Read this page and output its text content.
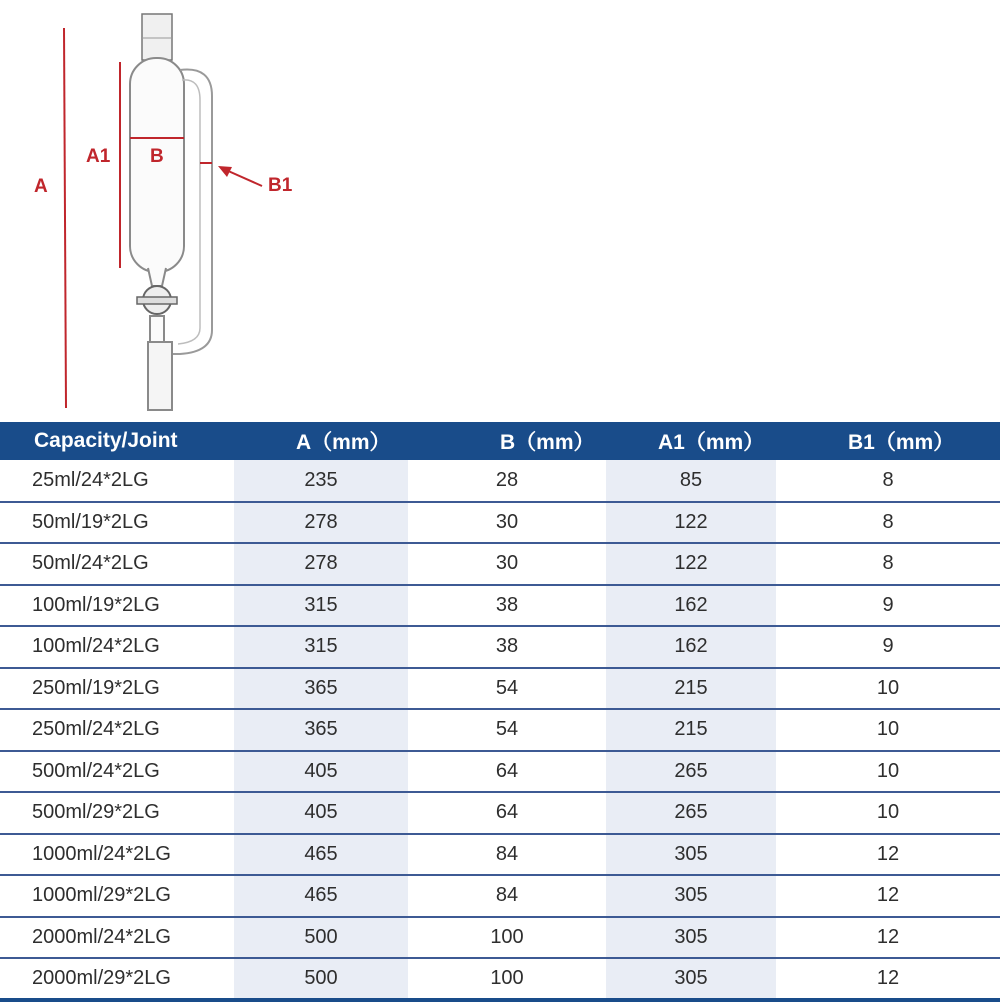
A
A1 B
B1
Capacity/Joint	A（mm）	B（mm）	A1（mm）	B1（mm）
25ml/24*2LG	235	28	85	8
50ml/19*2LG	278	30	122	8
50ml/24*2LG	278	30	122	8
100ml/19*2LG	315	38	162	9
100ml/24*2LG	315	38	162	9
250ml/19*2LG	365	54	215	10
250ml/24*2LG	365	54	215	10
500ml/24*2LG	405	64	265	10
500ml/29*2LG	405	64	265	10
1000ml/24*2LG	465	84	305	12
1000ml/29*2LG	465	84	305	12
2000ml/24*2LG	500	100	305	12
2000ml/29*2LG	500	100	305	12
